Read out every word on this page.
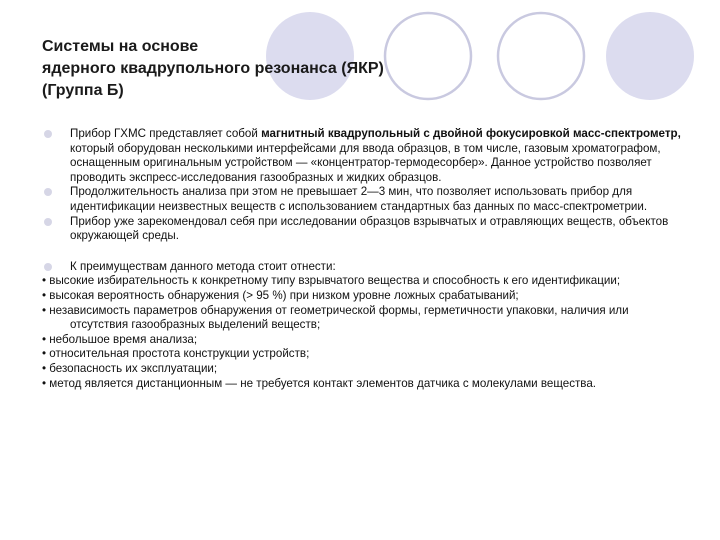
Системы на основе
ядерного квадрупольного резонанса (ЯКР)
(Группа Б)
Прибор ГХМС представляет собой магнитный квадрупольный с двойной фокусировкой масс-спектрометр, который оборудован несколькими интерфейсами для ввода образцов, в том числе, газовым хроматографом, оснащенным оригинальным устройством — «концентратор-термодесорбер». Данное устройство позволяет проводить экспресс-исследования газообразных и жидких образцов.
Продолжительность анализа при этом не превышает 2—3 мин, что позволяет использовать прибор для идентификации неизвестных веществ с использованием стандартных баз данных по масс-спектрометрии.
Прибор уже зарекомендовал себя при исследовании образцов взрывчатых и отравляющих веществ, объектов окружающей среды.
К преимуществам данного метода стоит отнести:
• высокие избирательность к конкретному типу взрывчатого вещества и способность к его идентификации;
• высокая вероятность обнаружения (> 95 %) при низком уровне ложных срабатываний;
• независимость параметров обнаружения от геометрической формы, герметичности упаковки, наличия или отсутствия газообразных выделений веществ;
• небольшое время анализа;
• относительная простота конструкции устройств;
• безопасность их эксплуатации;
• метод является дистанционным — не требуется контакт элементов датчика с молекулами вещества.
